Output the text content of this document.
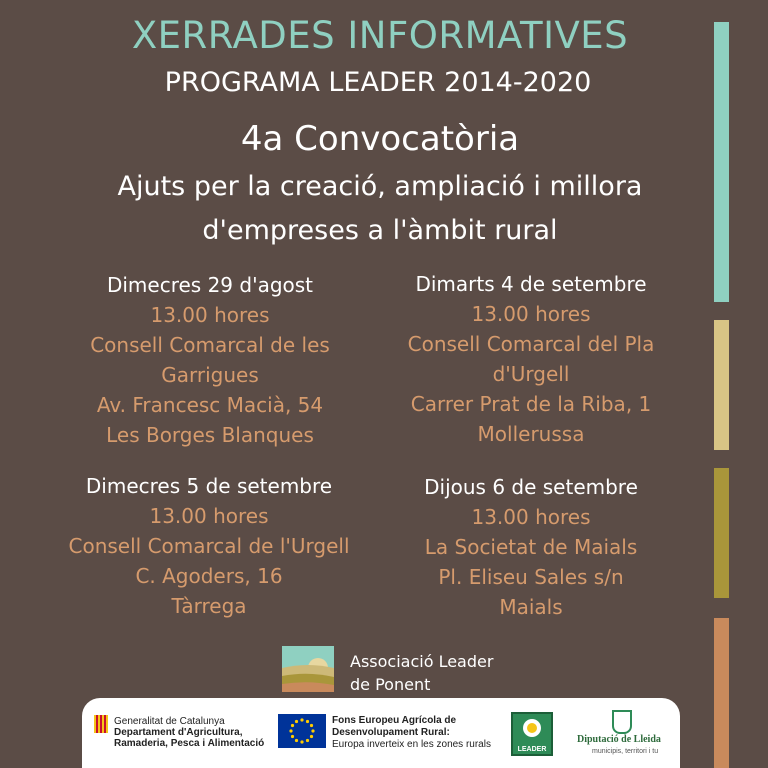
XERRADES INFORMATIVES
PROGRAMA LEADER 2014-2020
4a Convocatòria
Ajuts per la creació, ampliació i millora
d'empreses a l'àmbit rural
Dimecres 29 d'agost
13.00 hores
Consell Comarcal de les
Garrigues
Av. Francesc Macià, 54
Les Borges Blanques
Dimarts 4 de setembre
13.00 hores
Consell Comarcal del Pla
d'Urgell
Carrer Prat de la Riba, 1
Mollerussa
Dimecres 5 de setembre
13.00 hores
Consell Comarcal de l'Urgell
C. Agoders, 16
Tàrrega
Dijous 6 de setembre
13.00 hores
La Societat de Maials
Pl. Eliseu Sales s/n
Maials
Associació Leader
de Ponent
Generalitat de Catalunya
Departament d'Agricultura,
Ramaderia, Pesca i Alimentació
Fons Europeu Agrícola de
Desenvolupament Rural:
Europa inverteix en les zones rurals	LEADER
Diputació de Lleida
municipis, territori i tu
